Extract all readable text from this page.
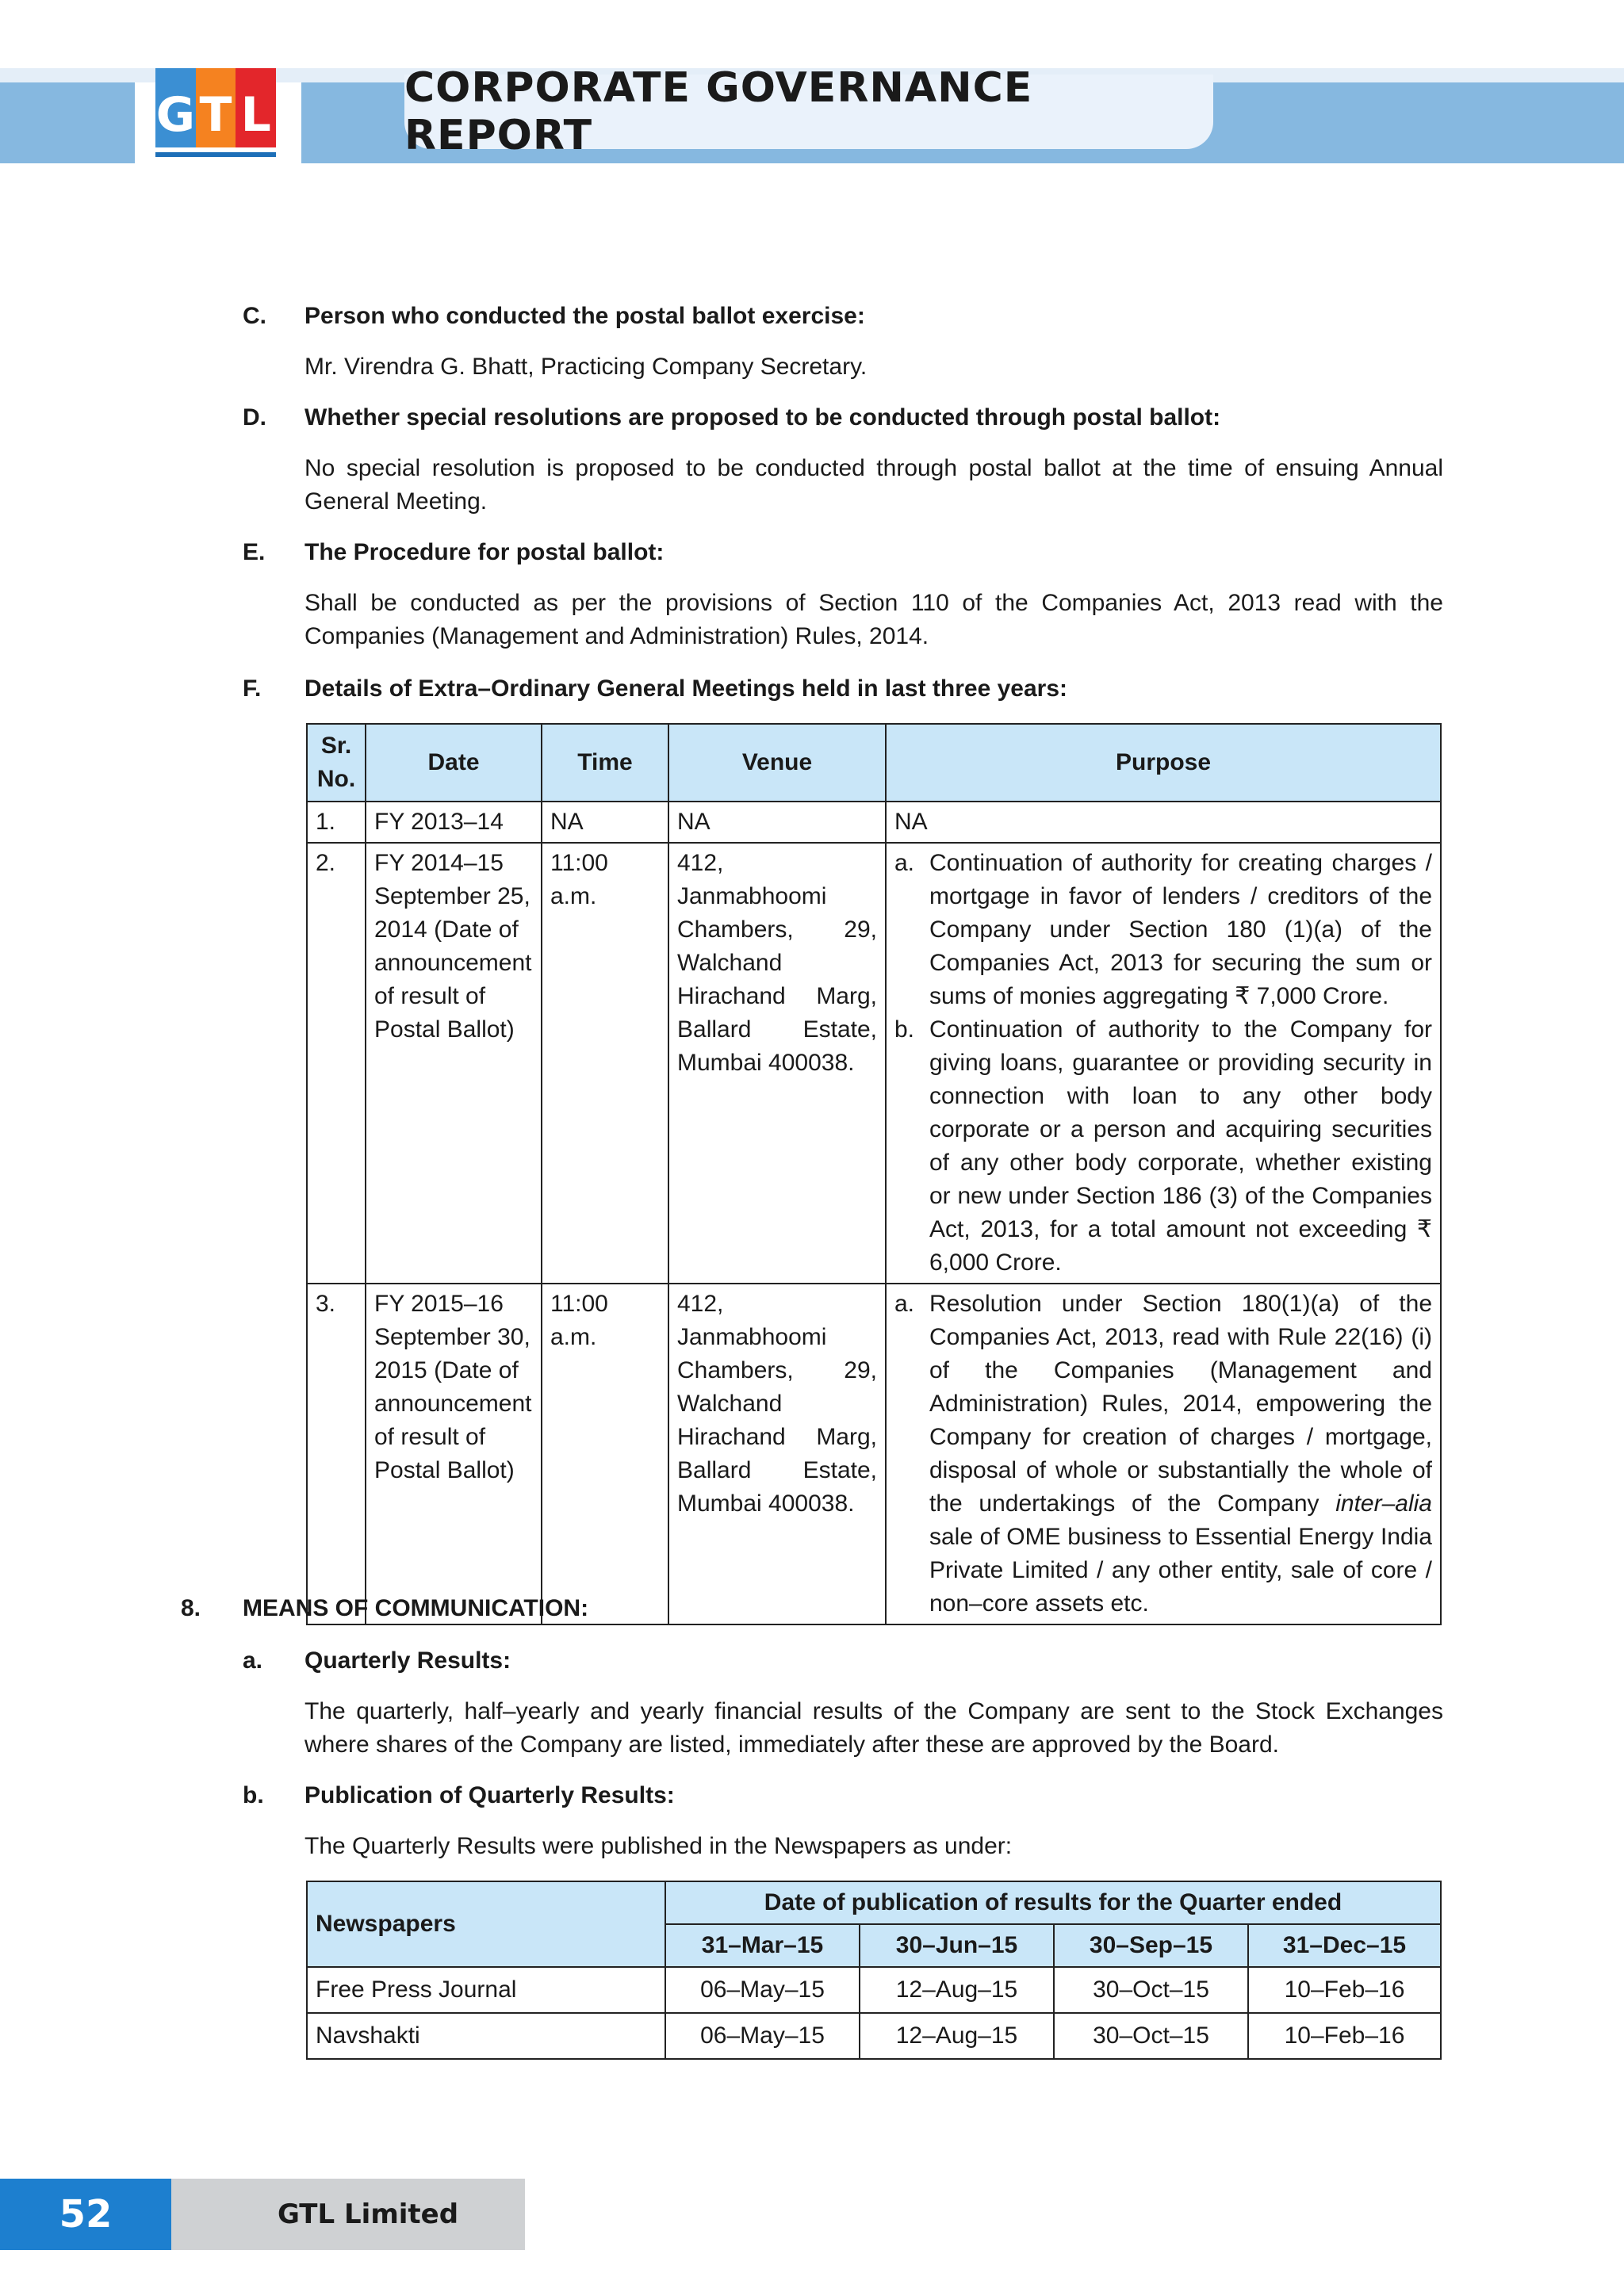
G T L	CORPORATE GOVERNANCE REPORT
C. Person who conducted the postal ballot exercise:
Mr. Virendra G. Bhatt, Practicing Company Secretary.
D. Whether special resolutions are proposed to be conducted through postal ballot:
No special resolution is proposed to be conducted through postal ballot at the time of ensuing Annual General Meeting.
E. The Procedure for postal ballot:
Shall be conducted as per the provisions of Section 110 of the Companies Act, 2013 read with the Companies (Management and Administration) Rules, 2014.
F. Details of Extra–Ordinary General Meetings held in last three years:
Sr. No.	Date	Time	Venue	Purpose
1.	FY 2013–14	NA	NA	NA
2.	FY 2014–15 September 25, 2014 (Date of announcement of result of Postal Ballot)	11:00 a.m.	412, Janmabhoomi Chambers, 29, Walchand Hirachand Marg, Ballard Estate, Mumbai 400038.	a. Continuation of authority for creating charges / mortgage in favor of lenders / creditors of the Company under Section 180 (1)(a) of the Companies Act, 2013 for securing the sum or sums of monies aggregating ₹ 7,000 Crore.
b. Continuation of authority to the Company for giving loans, guarantee or providing security in connection with loan to any other body corporate or a person and acquiring securities of any other body corporate, whether existing or new under Section 186 (3) of the Companies Act, 2013, for a total amount not exceeding ₹ 6,000 Crore.

3.	FY 2015–16 September 30, 2015 (Date of announcement of result of Postal Ballot)	11:00 a.m.	412, Janmabhoomi Chambers, 29, Walchand Hirachand Marg, Ballard Estate, Mumbai 400038.	a. Resolution under Section 180(1)(a) of the Companies Act, 2013, read with Rule 22(16) (i) of the Companies (Management and Administration) Rules, 2014, empowering the Company for creation of charges / mortgage, disposal of whole or substantially the whole of the undertakings of the Company inter–alia sale of OME business to Essential Energy India Private Limited / any other entity, sale of core / non–core assets etc.
8. MEANS OF COMMUNICATION:
a. Quarterly Results:
The quarterly, half–yearly and yearly financial results of the Company are sent to the Stock Exchanges where shares of the Company are listed, immediately after these are approved by the Board.
b. Publication of Quarterly Results:
The Quarterly Results were published in the Newspapers as under:
Newspapers	Date of publication of results for the Quarter ended			
	31–Mar–15	30–Jun–15	30–Sep–15	31–Dec–15
Free Press Journal	06–May–15	12–Aug–15	30–Oct–15	10–Feb–16
Navshakti	06–May–15	12–Aug–15	30–Oct–15	10–Feb–16
52	GTL Limited
